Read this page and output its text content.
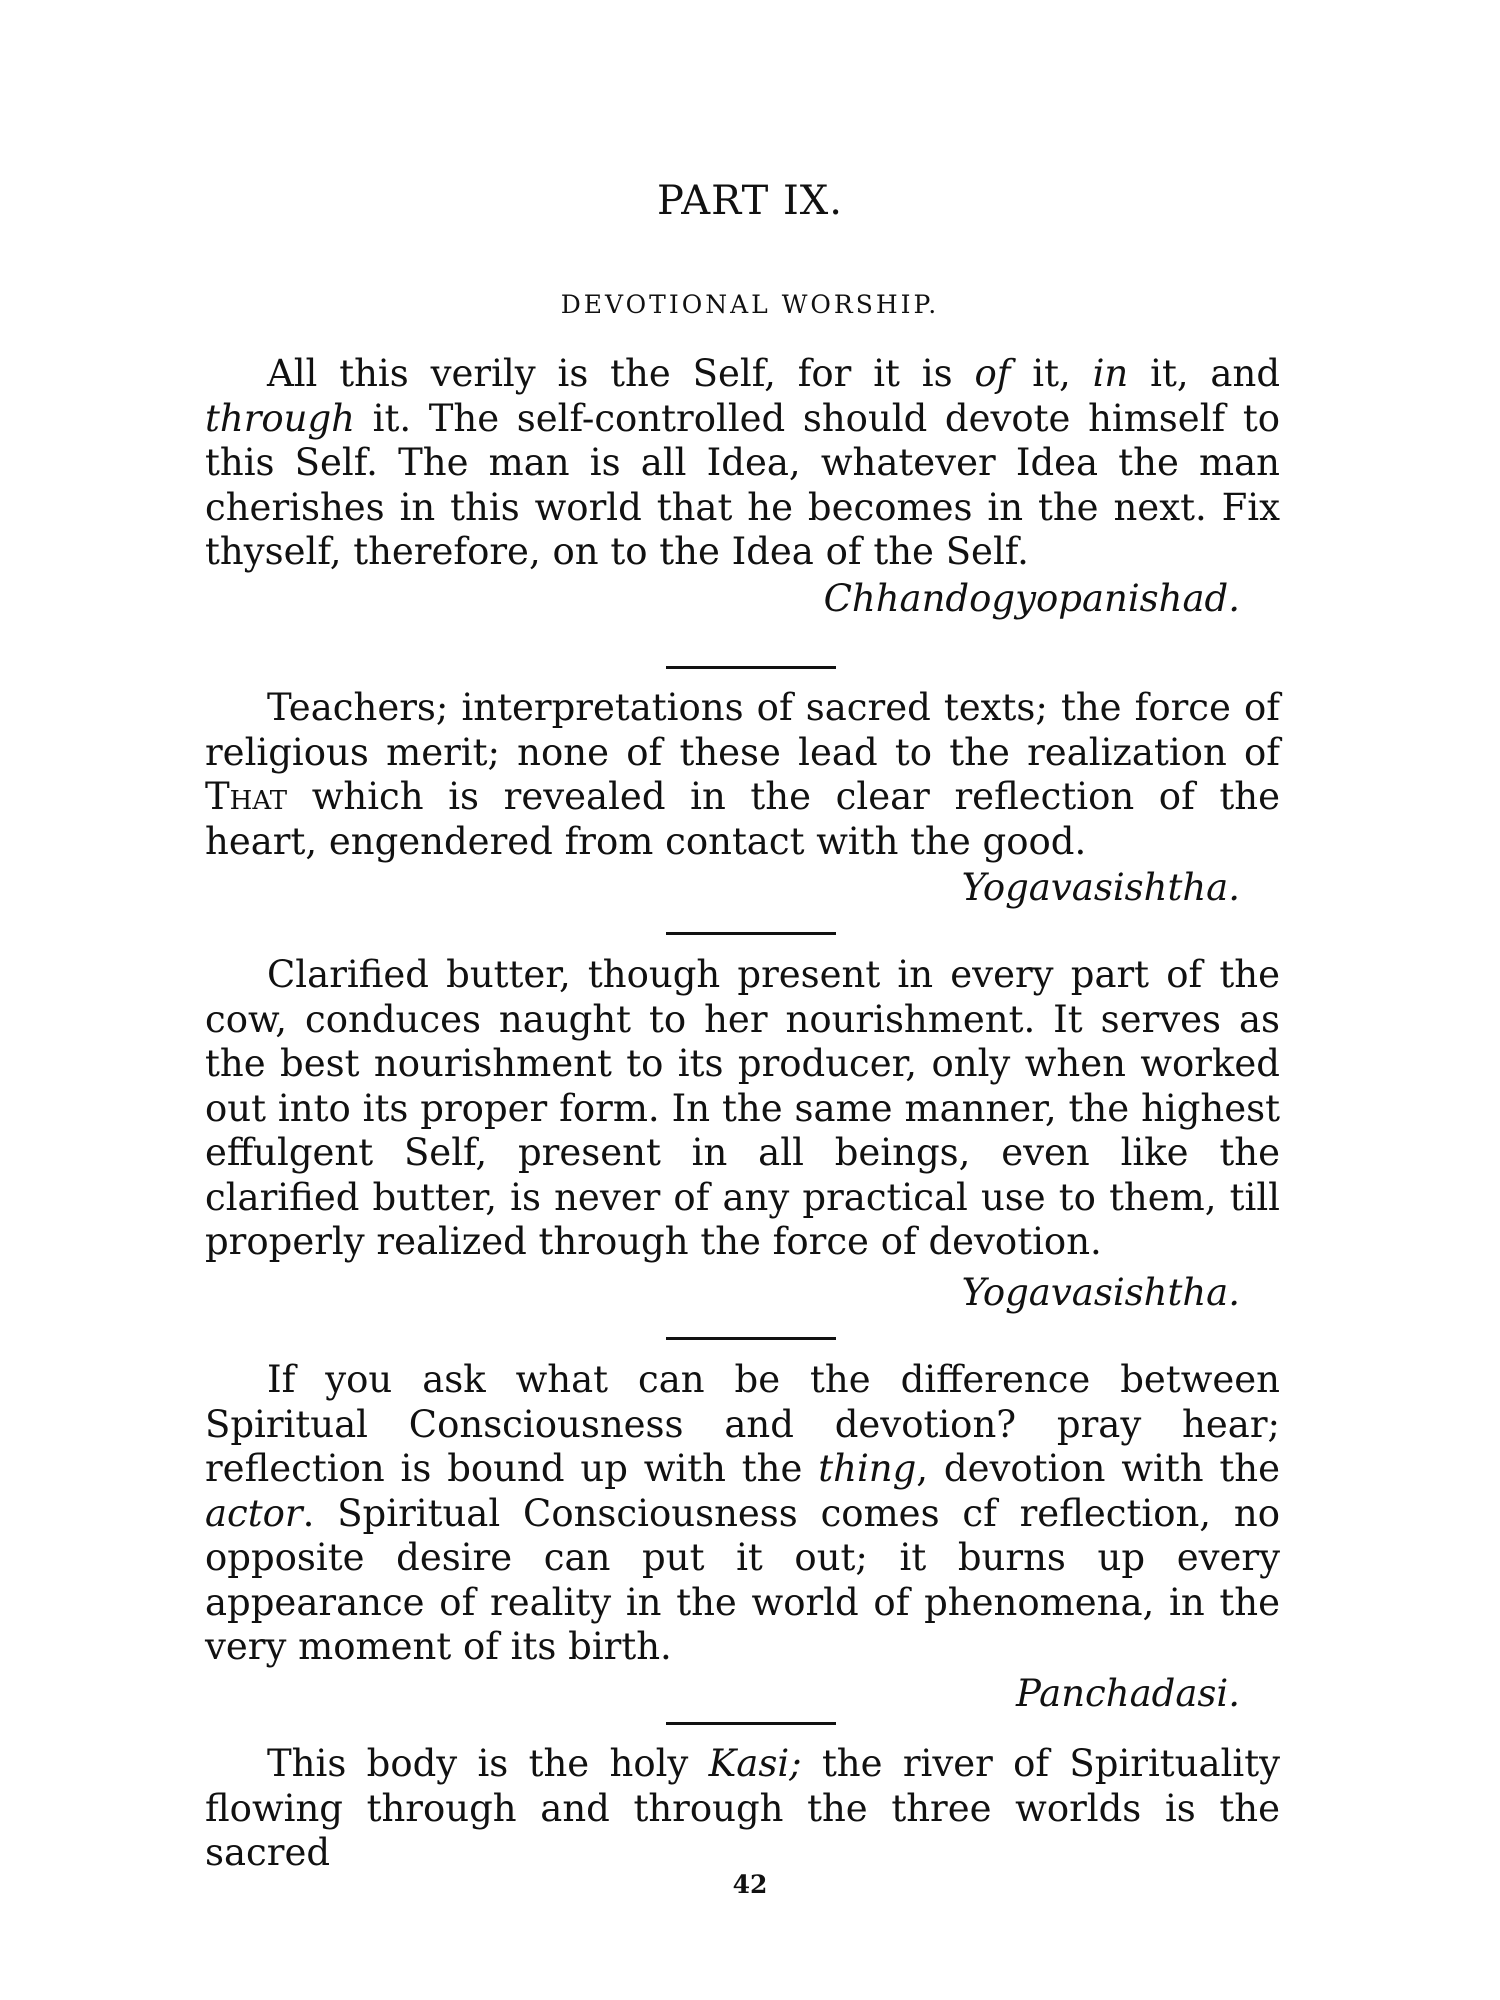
PART IX.
DEVOTIONAL WORSHIP.

All this verily is the Self, for it is of it, in it, and through it. The self-controlled should devote himself to this Self. The man is all Idea, whatever Idea the man cherishes in this world that he becomes in the next. Fix thyself, therefore, on to the Idea of the Self.

Chhandogyopanishad.

Teachers; interpretations of sacred texts; the force of religious merit; none of these lead to the realization of That which is revealed in the clear reflection of the heart, engendered from contact with the good.

Yogavasishtha.

Clarified butter, though present in every part of the cow, conduces naught to her nourishment. It serves as the best nourishment to its producer, only when worked out into its proper form. In the same manner, the highest effulgent Self, present in all beings, even like the clarified butter, is never of any practical use to them, till properly realized through the force of devotion.

Yogavasishtha.

If you ask what can be the difference between Spiritual Consciousness and devotion? pray hear; reflection is bound up with the thing, devotion with the actor. Spiritual Consciousness comes cf reflection, no opposite desire can put it out; it burns up every appearance of reality in the world of phenomena, in the very moment of its birth.

Panchadasi.

This body is the holy Kasi; the river of Spirituality flowing through and through the three worlds is the sacred

42
